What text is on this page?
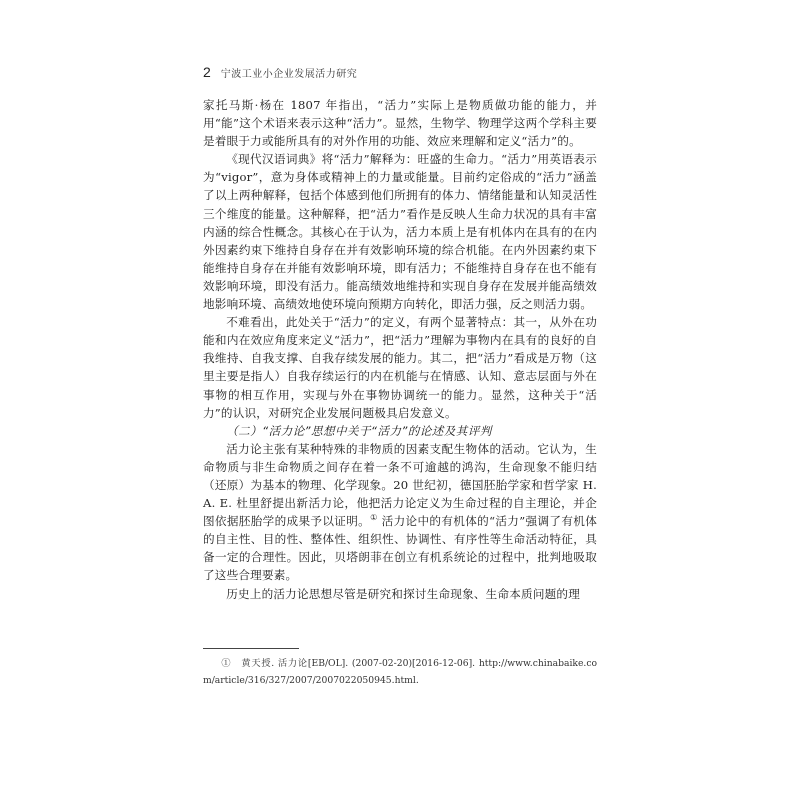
2 宁波工业小企业发展活力研究

家托马斯·杨在 1807 年指出，“活力”实际上是物质做功能的能力，并用“能”这个术语来表示这种“活力”。显然，生物学、物理学这两个学科主要是着眼于力或能所具有的对外作用的功能、效应来理解和定义“活力”的。

《现代汉语词典》将“活力”解释为：旺盛的生命力。“活力”用英语表示为“vigor”，意为身体或精神上的力量或能量。目前约定俗成的“活力”涵盖了以上两种解释，包括个体感到他们所拥有的体力、情绪能量和认知灵活性三个维度的能量。这种解释，把“活力”看作是反映人生命力状况的具有丰富内涵的综合性概念。其核心在于认为，活力本质上是有机体内在具有的在内外因素约束下维持自身存在并有效影响环境的综合机能。在内外因素约束下能维持自身存在并能有效影响环境，即有活力；不能维持自身存在也不能有效影响环境，即没有活力。能高绩效地维持和实现自身存在发展并能高绩效地影响环境、高绩效地使环境向预期方向转化，即活力强，反之则活力弱。

不难看出，此处关于“活力”的定义，有两个显著特点：其一，从外在功能和内在效应角度来定义“活力”，把“活力”理解为事物内在具有的良好的自我维持、自我支撑、自我存续发展的能力。其二，把“活力”看成是万物（这里主要是指人）自我存续运行的内在机能与在情感、认知、意志层面与外在事物的相互作用，实现与外在事物协调统一的能力。显然，这种关于“活力”的认识，对研究企业发展问题极具启发意义。

（二）“活力论”思想中关于“活力”的论述及其评判

活力论主张有某种特殊的非物质的因素支配生物体的活动。它认为，生命物质与非生命物质之间存在着一条不可逾越的鸿沟，生命现象不能归结（还原）为基本的物理、化学现象。20 世纪初，德国胚胎学家和哲学家 H. A. E. 杜里舒提出新活力论，他把活力论定义为生命过程的自主理论，并企图依据胚胎学的成果予以证明。① 活力论中的有机体的“活力”强调了有机体的自主性、目的性、整体性、组织性、协调性、有序性等生命活动特征，具备一定的合理性。因此，贝塔朗菲在创立有机系统论的过程中，批判地吸取了这些合理要素。

历史上的活力论思想尽管是研究和探讨生命现象、生命本质问题的理

①　黄天授. 活力论[EB/OL]. (2007-02-20)[2016-12-06]. http://www.chinabaike.com/article/316/327/2007/2007022050945.html.
